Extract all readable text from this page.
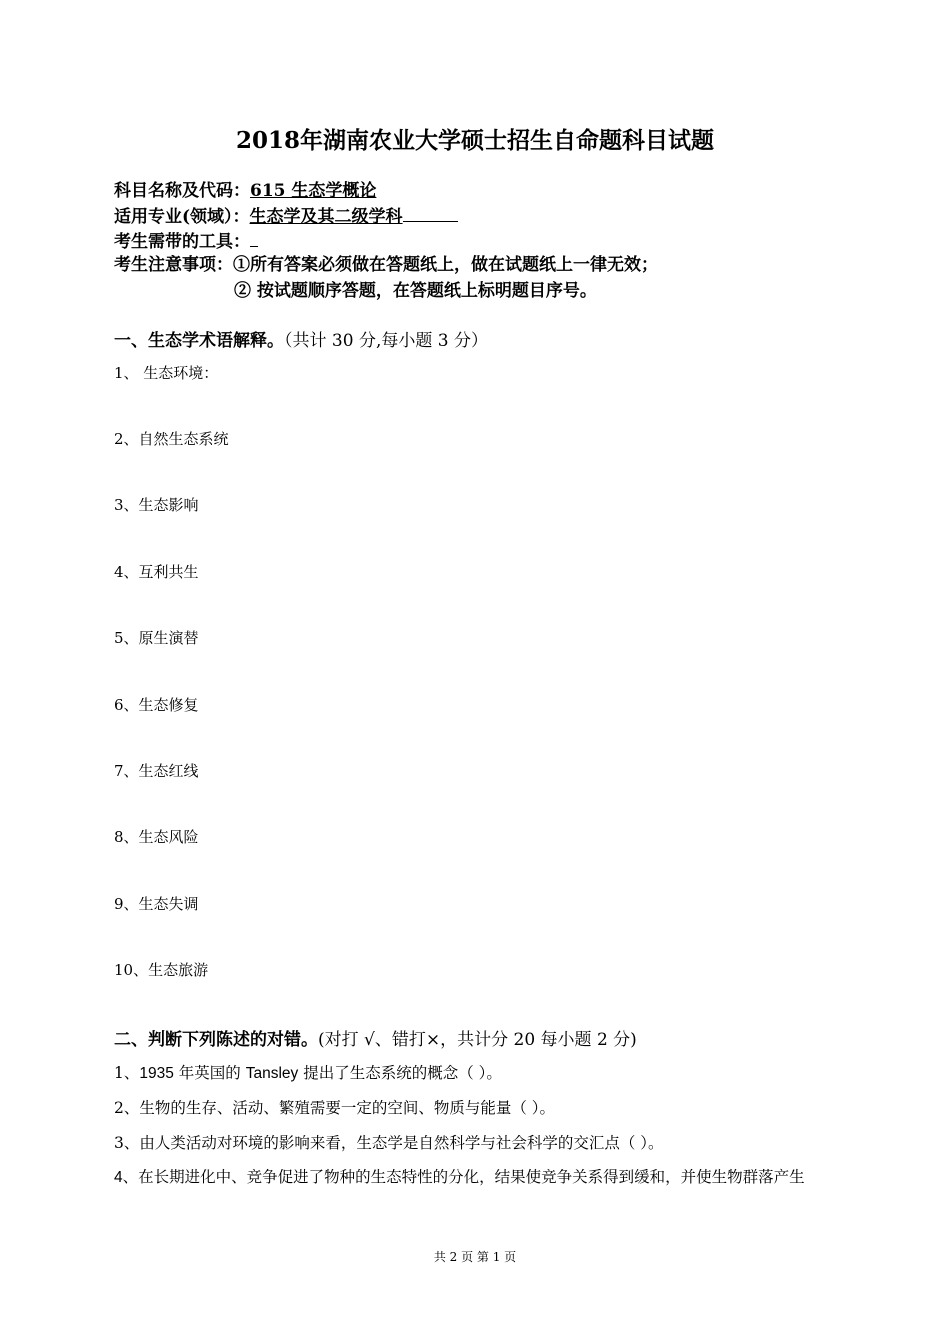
2018年湖南农业大学硕士招生自命题科目试题
科目名称及代码：615 生态学概论
适用专业(领域）：生态学及其二级学科
考生需带的工具：
考生注意事项：①所有答案必须做在答题纸上，做在试题纸上一律无效；
② 按试题顺序答题，在答题纸上标明题目序号。
一、生态学术语解释。（共计 30 分,每小题 3 分）
1、 生态环境：
2、自然生态系统
3、生态影响
4、互利共生
5、原生演替
6、生态修复
7、生态红线
8、生态风险
9、生态失调
10、生态旅游
二、判断下列陈述的对错。(对打 √、错打×，共计分 20 每小题 2 分)
1、1935 年英国的 Tansley 提出了生态系统的概念（ ）。
2、生物的生存、活动、繁殖需要一定的空间、物质与能量（ ）。
3、由人类活动对环境的影响来看，生态学是自然科学与社会科学的交汇点（ ）。
4、在长期进化中、竞争促进了物种的生态特性的分化，结果使竞争关系得到缓和，并使生物群落产生
共 2 页 第 1 页
